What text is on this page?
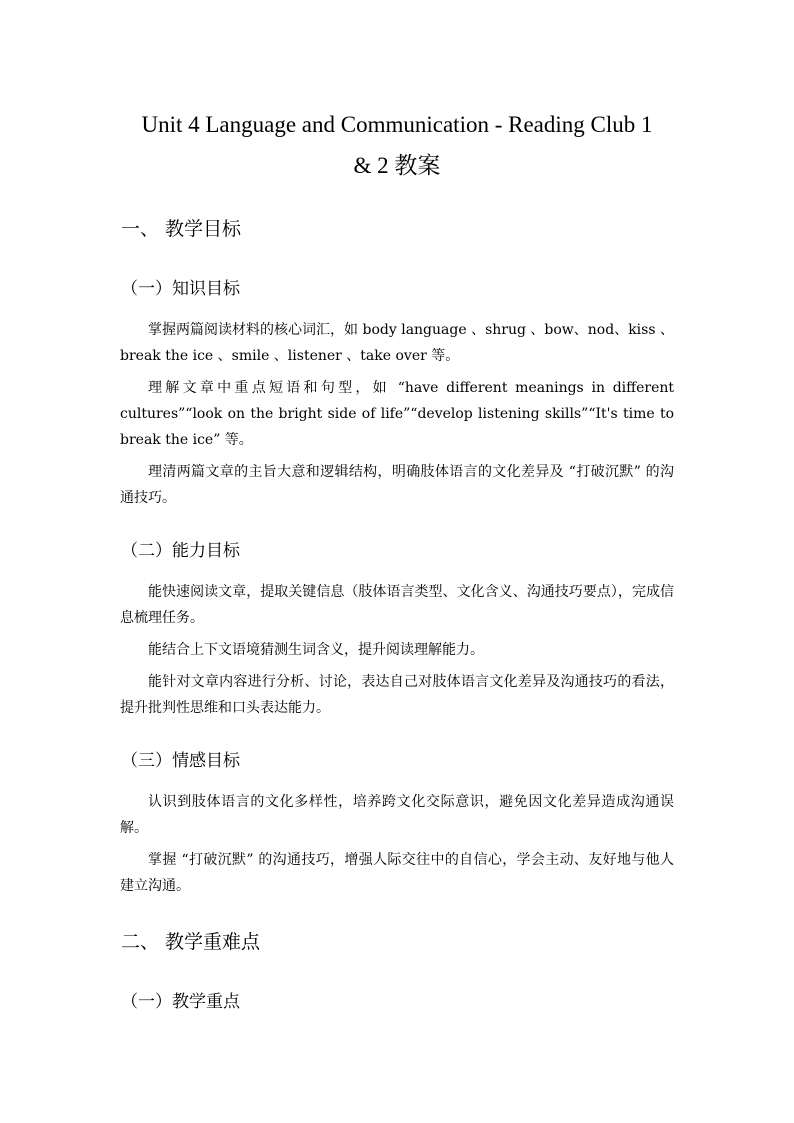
Unit 4 Language and Communication - Reading Club 1
& 2 教案
一、 教学目标
（一）知识目标
掌握两篇阅读材料的核心词汇，如 body language 、shrug 、bow、nod、kiss 、break the ice 、smile 、listener 、take over 等。
理解文章中重点短语和句型，如 “have different meanings in different cultures”“look on the bright side of life”“develop listening skills”“It's time to break the ice” 等。
理清两篇文章的主旨大意和逻辑结构，明确肢体语言的文化差异及 “打破沉默” 的沟通技巧。
（二）能力目标
能快速阅读文章，提取关键信息（肢体语言类型、文化含义、沟通技巧要点），完成信息梳理任务。
能结合上下文语境猜测生词含义，提升阅读理解能力。
能针对文章内容进行分析、讨论，表达自己对肢体语言文化差异及沟通技巧的看法，提升批判性思维和口头表达能力。
（三）情感目标
认识到肢体语言的文化多样性，培养跨文化交际意识，避免因文化差异造成沟通误解。
掌握 “打破沉默” 的沟通技巧，增强人际交往中的自信心，学会主动、友好地与他人建立沟通。
二、 教学重难点
（一）教学重点
